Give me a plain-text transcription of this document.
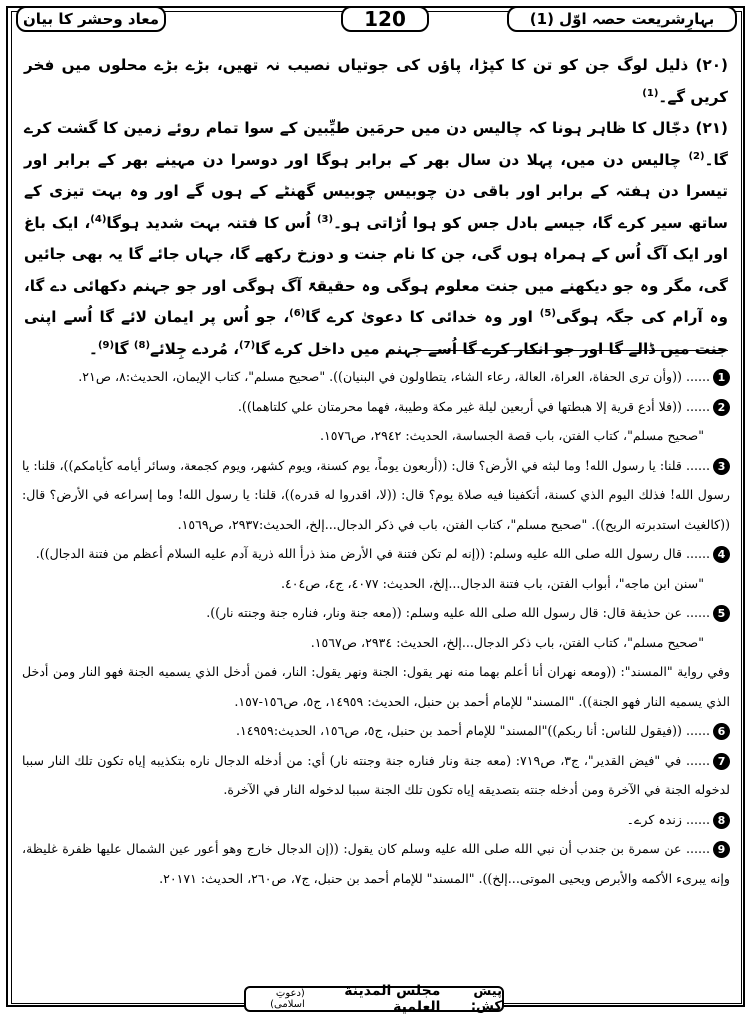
بہارِشریعت حصہ اوّل (1)
120
معاد وحشر کا بیان

(۲۰) ذلیل لوگ جن کو تن کا کپڑا، پاؤں کی جوتیاں نصیب نہ تھیں، بڑے بڑے محلوں میں فخر کریں گے۔$^{(1)}$

(۲۱) دجّال کا ظاہر ہونا کہ چالیس دن میں حرمَین طیِّبین کے سوا تمام روئے زمین کا گشت کرے گا۔$^{(2)}$ چالیس دن میں، پہلا دن سال بھر کے برابر ہوگا اور دوسرا دن مہینے بھر کے برابر اور تیسرا دن ہفتہ کے برابر اور باقی دن چوبیس چوبیس گھنٹے کے ہوں گے اور وہ بہت تیزی کے ساتھ سیر کرے گا، جیسے بادل جس کو ہوا اُڑاتی ہو۔$^{(3)}$ اُس کا فتنہ بہت شدید ہوگا$^{(4)}$، ایک باغ اور ایک آگ اُس کے ہمراہ ہوں گی، جن کا نام جنت و دوزخ رکھے گا، جہاں جائے گا یہ بھی جائیں گی، مگر وہ جو دیکھنے میں جنت معلوم ہوگی وہ حقیقۃً آگ ہوگی اور جو جہنم دکھائی دے گا، وہ آرام کی جگہ ہوگی$^{(5)}$ اور وہ خدائی کا دعویٰ کرے گا$^{(6)}$، جو اُس پر ایمان لائے گا اُسے اپنی جنت میں ڈالے گا اور جو انکار کرے گا اُسے جہنم میں داخل کرے گا$^{(7)}$، مُردے جِلائے$^{(8)}$ گا$^{(9)}$۔

1...... ((وأن ترى الحفاة، العراة، العالة، رعاء الشاء، يتطاولون في البنيان)). "صحيح مسلم"، كتاب الإيمان، الحديث:٨، ص٢١.

2...... ((فلا أدع قرية إلا هبطتها في أربعين ليلة غير مكة وطيبة، فهما محرمتان علي كلتاهما)).

"صحيح مسلم"، كتاب الفتن، باب قصة الجساسة، الحديث: ٢٩٤٢، ص١٥٧٦.

3...... قلنا: يا رسول الله! وما لبثه في الأرض؟ قال: ((أربعون يوماً، يوم كسنة، ويوم كشهر، ويوم كجمعة، وسائر أيامه كأيامكم))، قلنا: يا رسول الله! فذلك اليوم الذي كسنة، أتكفينا فيه صلاة يوم؟ قال: ((لا، اقدروا له قدره))، قلنا: يا رسول الله! وما إسراعه في الأرض؟ قال: ((كالغيث استدبرته الريح)). "صحيح مسلم"، كتاب الفتن، باب في ذكر الدجال...إلخ، الحديث:٢٩٣٧، ص١٥٦٩.

4...... قال رسول الله صلى الله عليه وسلم: ((إنه لم تكن فتنة في الأرض منذ ذرأ الله ذرية آدم عليه السلام أعظم من فتنة الدجال)).

"سنن ابن ماجه"، أبواب الفتن، باب فتنة الدجال...إلخ، الحديث: ٤٠٧٧، ج٤، ص٤٠٤.

5...... عن حذيفة قال: قال رسول الله صلى الله عليه وسلم: ((معه جنة ونار، فناره جنة وجنته نار)).

"صحيح مسلم"، كتاب الفتن، باب ذكر الدجال...إلخ، الحديث: ٢٩٣٤، ص١٥٦٧.

وفي رواية "المسند": ((ومعه نهران أنا أعلم بهما منه نهر يقول: الجنة ونهر يقول: النار، فمن أدخل الذي يسميه الجنة فهو النار ومن أدخل الذي يسميه النار فهو الجنة)). "المسند" للإمام أحمد بن حنبل، الحديث: ١٤٩٥٩، ج٥، ص١٥٦-١٥٧.

6...... ((فيقول للناس: أنا ربكم))"المسند" للإمام أحمد بن حنبل، ج٥، ص١٥٦، الحديث:١٤٩٥٩.

7...... في "فيض القدير"، ج٣، ص٧١٩: (معه جنة ونار فناره جنة وجنته نار) أي: من أدخله الدجال ناره بتكذيبه إياه تكون تلك النار سببا لدخوله الجنة في الآخرة ومن أدخله جنته بتصديقه إياه تكون تلك الجنة سببا لدخوله النار في الآخرة.

8...... زندہ کرے۔

9...... عن سمرة بن جندب أن نبي الله صلى الله عليه وسلم كان يقول: ((إن الدجال خارج وهو أعور عين الشمال عليها ظفرة غليظة، وإنه يبرىء الأكمه والأبرص ويحيى الموتى...إلخ)). "المسند" للإمام أحمد بن حنبل، ج٧، ص٢٦٠، الحديث: ٢٠١٧١.

پیش کش:
مجلس المدينة العلمية
(دعوتِ اسلامی)
